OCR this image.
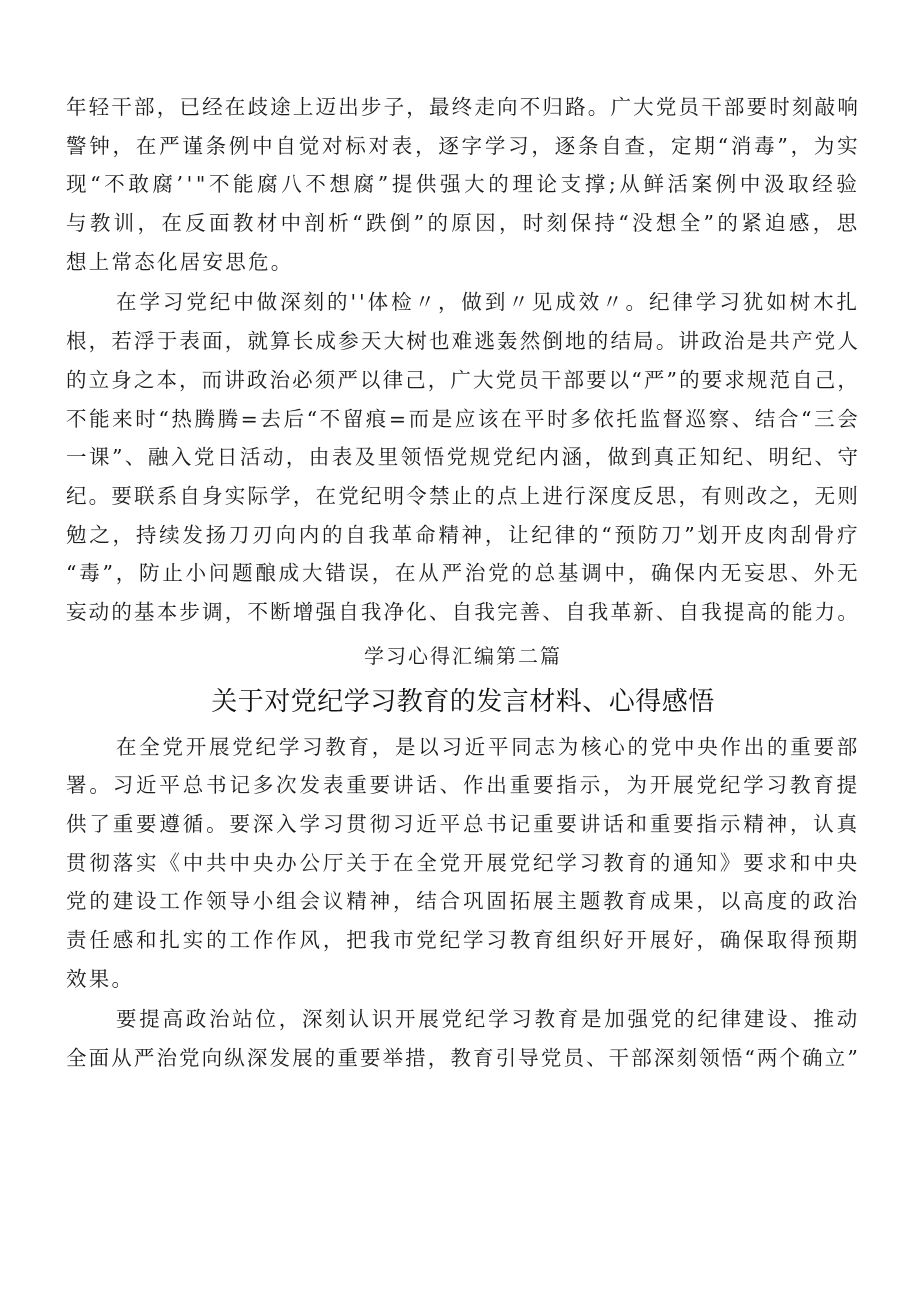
年轻干部，已经在歧途上迈出步子，最终走向不归路。广大党员干部要时刻敲响
警钟，在严谨条例中自觉对标对表，逐字学习，逐条自查，定期“消毒”，为实
现“不敢腐’'"不能腐八不想腐”提供强大的理论支撑;从鲜活案例中汲取经验
与教训，在反面教材中剖析“跌倒”的原因，时刻保持“没想全”的紧迫感，思
想上常态化居安思危。
在学习党纪中做深刻的''体检〃，做到〃见成效〃。纪律学习犹如树木扎
根，若浮于表面，就算长成参天大树也难逃轰然倒地的结局。讲政治是共产党人
的立身之本，而讲政治必须严以律己，广大党员干部要以“严”的要求规范自己，
不能来时“热腾腾=去后“不留痕=而是应该在平时多依托监督巡察、结合“三会
一课”、融入党日活动，由表及里领悟党规党纪内涵，做到真正知纪、明纪、守
纪。要联系自身实际学，在党纪明令禁止的点上进行深度反思，有则改之，无则
勉之，持续发扬刀刃向内的自我革命精神，让纪律的“预防刀”划开皮肉刮骨疗
“毒”，防止小问题酿成大错误，在从严治党的总基调中，确保内无妄思、外无
妄动的基本步调，不断增强自我净化、自我完善、自我革新、自我提高的能力。
学习心得汇编第二篇
关于对党纪学习教育的发言材料、心得感悟
在全党开展党纪学习教育，是以习近平同志为核心的党中央作出的重要部
署。习近平总书记多次发表重要讲话、作出重要指示，为开展党纪学习教育提
供了重要遵循。要深入学习贯彻习近平总书记重要讲话和重要指示精神，认真
贯彻落实《中共中央办公厅关于在全党开展党纪学习教育的通知》要求和中央
党的建设工作领导小组会议精神，结合巩固拓展主题教育成果，以高度的政治
责任感和扎实的工作作风，把我市党纪学习教育组织好开展好，确保取得预期
效果。
要提高政治站位，深刻认识开展党纪学习教育是加强党的纪律建设、推动
全面从严治党向纵深发展的重要举措，教育引导党员、干部深刻领悟“两个确立”
